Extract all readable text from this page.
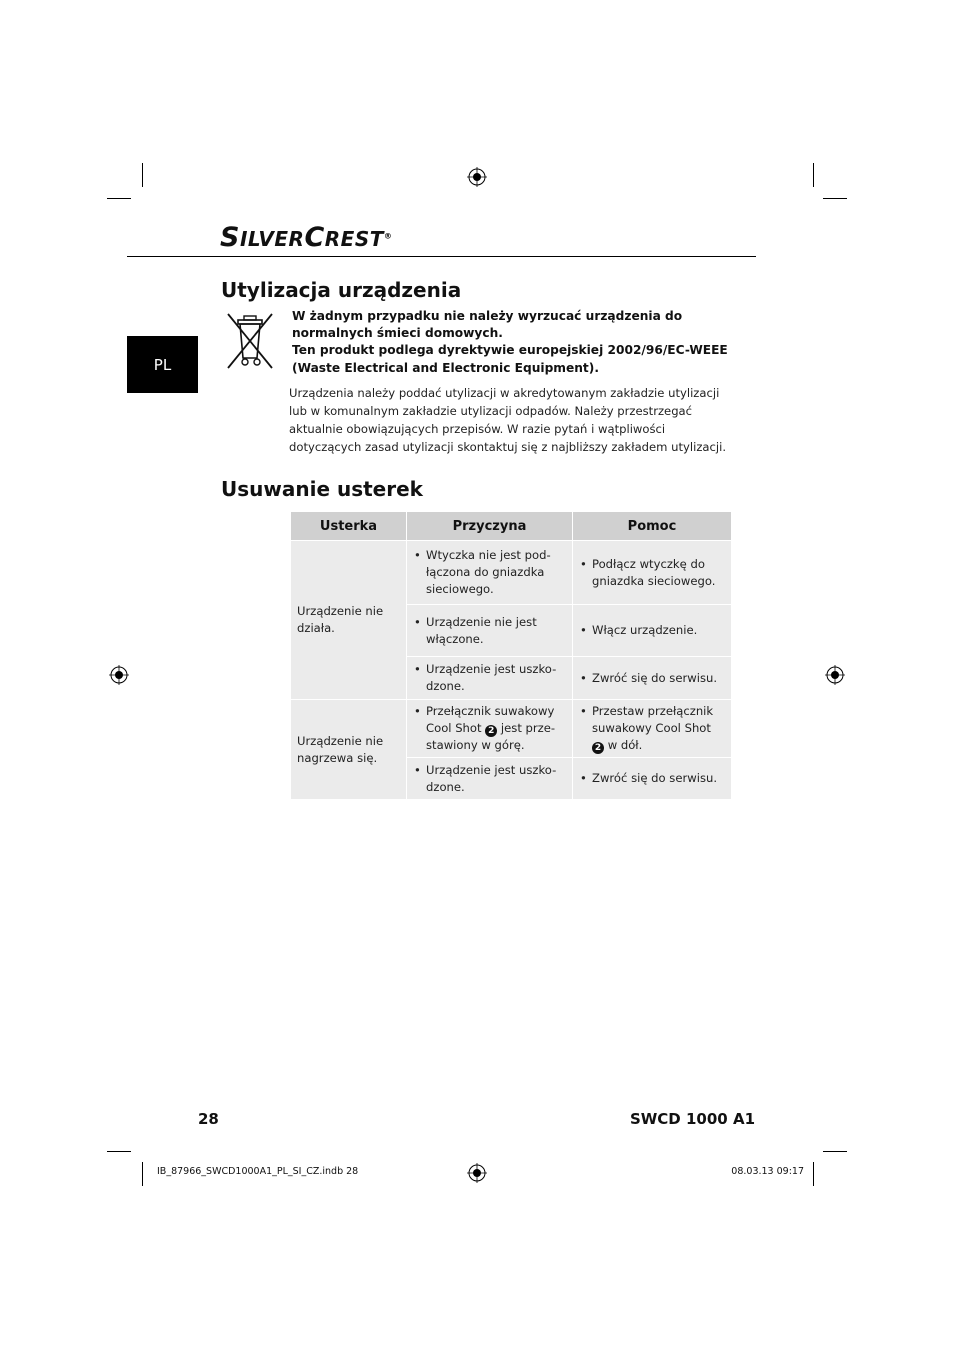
SILVERCREST®
PL
Utylizacja urządzenia

W żadnym przypadku nie należy wyrzucać urządzenia do normalnych śmieci domowych.

Ten produkt podlega dyrektywie europejskiej 2002/96/EC-WEEE (Waste Electrical and Electronic Equipment).

Urządzenia należy poddać utylizacji w akredytowanym zakładzie utylizacji lub w komunalnym zakładzie utylizacji odpadów. Należy przestrzegać aktualnie obowiązujących przepisów. W razie pytań i wątpliwości dotyczących zasad utylizacji skontaktuj się z najbliższy zakładem utylizacji.
Usuwanie usterek
Usterka	Przyczyna	Pomoc
Urządzenie nie działa.	• Wtyczka nie jest pod-łączona do gniazdka sieciowego.	• Podłącz wtyczkę do gniazdka sieciowego.

	• Urządzenie nie jest włączone.	• Włącz urządzenie.

	• Urządzenie jest uszko-dzone.	• Zwróć się do serwisu.

Urządzenie nie nagrzewa się.	• Przełącznik suwakowy Cool Shot 2 jest prze-stawiony w górę.	• Przestaw przełącznik suwakowy Cool Shot 2 w dół.

	• Urządzenie jest uszko-dzone.	• Zwróć się do serwisu.
28	SWCD 1000 A1
IB_87966_SWCD1000A1_PL_SI_CZ.indb 28	08.03.13 09:17
